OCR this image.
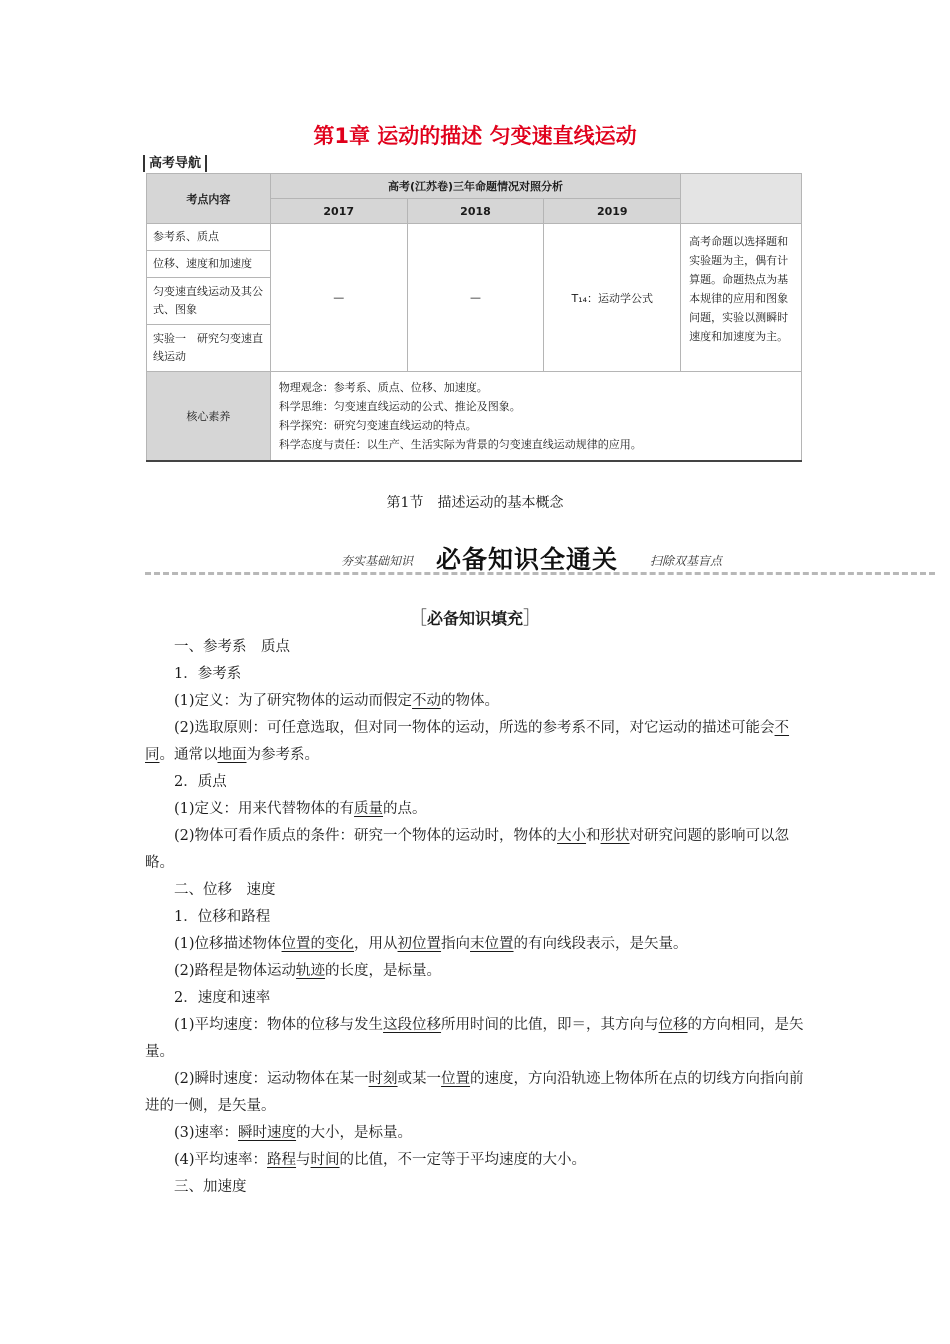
第1章 运动的描述 匀变速直线运动
高考导航
考点内容	高考(江苏卷)三年命题情况对照分析			
	2017	2018	2019	
参考系、质点	—	—	T₁₄：运动学公式	高考命题以选择题和实验题为主，偶有计算题。命题热点为基本规律的应用和图象问题，实验以测瞬时速度和加速度为主。
位移、速度和加速度				
匀变速直线运动及其公式、图象				
实验一　研究匀变速直线运动				
核心素养	物理观念：参考系、质点、位移、加速度。
科学思维：匀变速直线运动的公式、推论及图象。
科学探究：研究匀变速直线运动的特点。
科学态度与责任：以生产、生活实际为背景的匀变速直线运动规律的应用。			
第1节　描述运动的基本概念
夯实基础知识 必备知识全通关	扫除双基盲点
［必备知识填充］

一、参考系　质点

1．参考系

(1)定义：为了研究物体的运动而假定不动的物体。

(2)选取原则：可任意选取，但对同一物体的运动，所选的参考系不同，对它运动的描述可能会不同。通常以地面为参考系。

2．质点

(1)定义：用来代替物体的有质量的点。

(2)物体可看作质点的条件：研究一个物体的运动时，物体的大小和形状对研究问题的影响可以忽略。

二、位移　速度

1．位移和路程

(1)位移描述物体位置的变化，用从初位置指向末位置的有向线段表示，是矢量。

(2)路程是物体运动轨迹的长度，是标量。

2．速度和速率

(1)平均速度：物体的位移与发生这段位移所用时间的比值，即＝，其方向与位移的方向相同，是矢量。

(2)瞬时速度：运动物体在某一时刻或某一位置的速度，方向沿轨迹上物体所在点的切线方向指向前进的一侧，是矢量。

(3)速率：瞬时速度的大小，是标量。

(4)平均速率：路程与时间的比值，不一定等于平均速度的大小。

三、加速度
